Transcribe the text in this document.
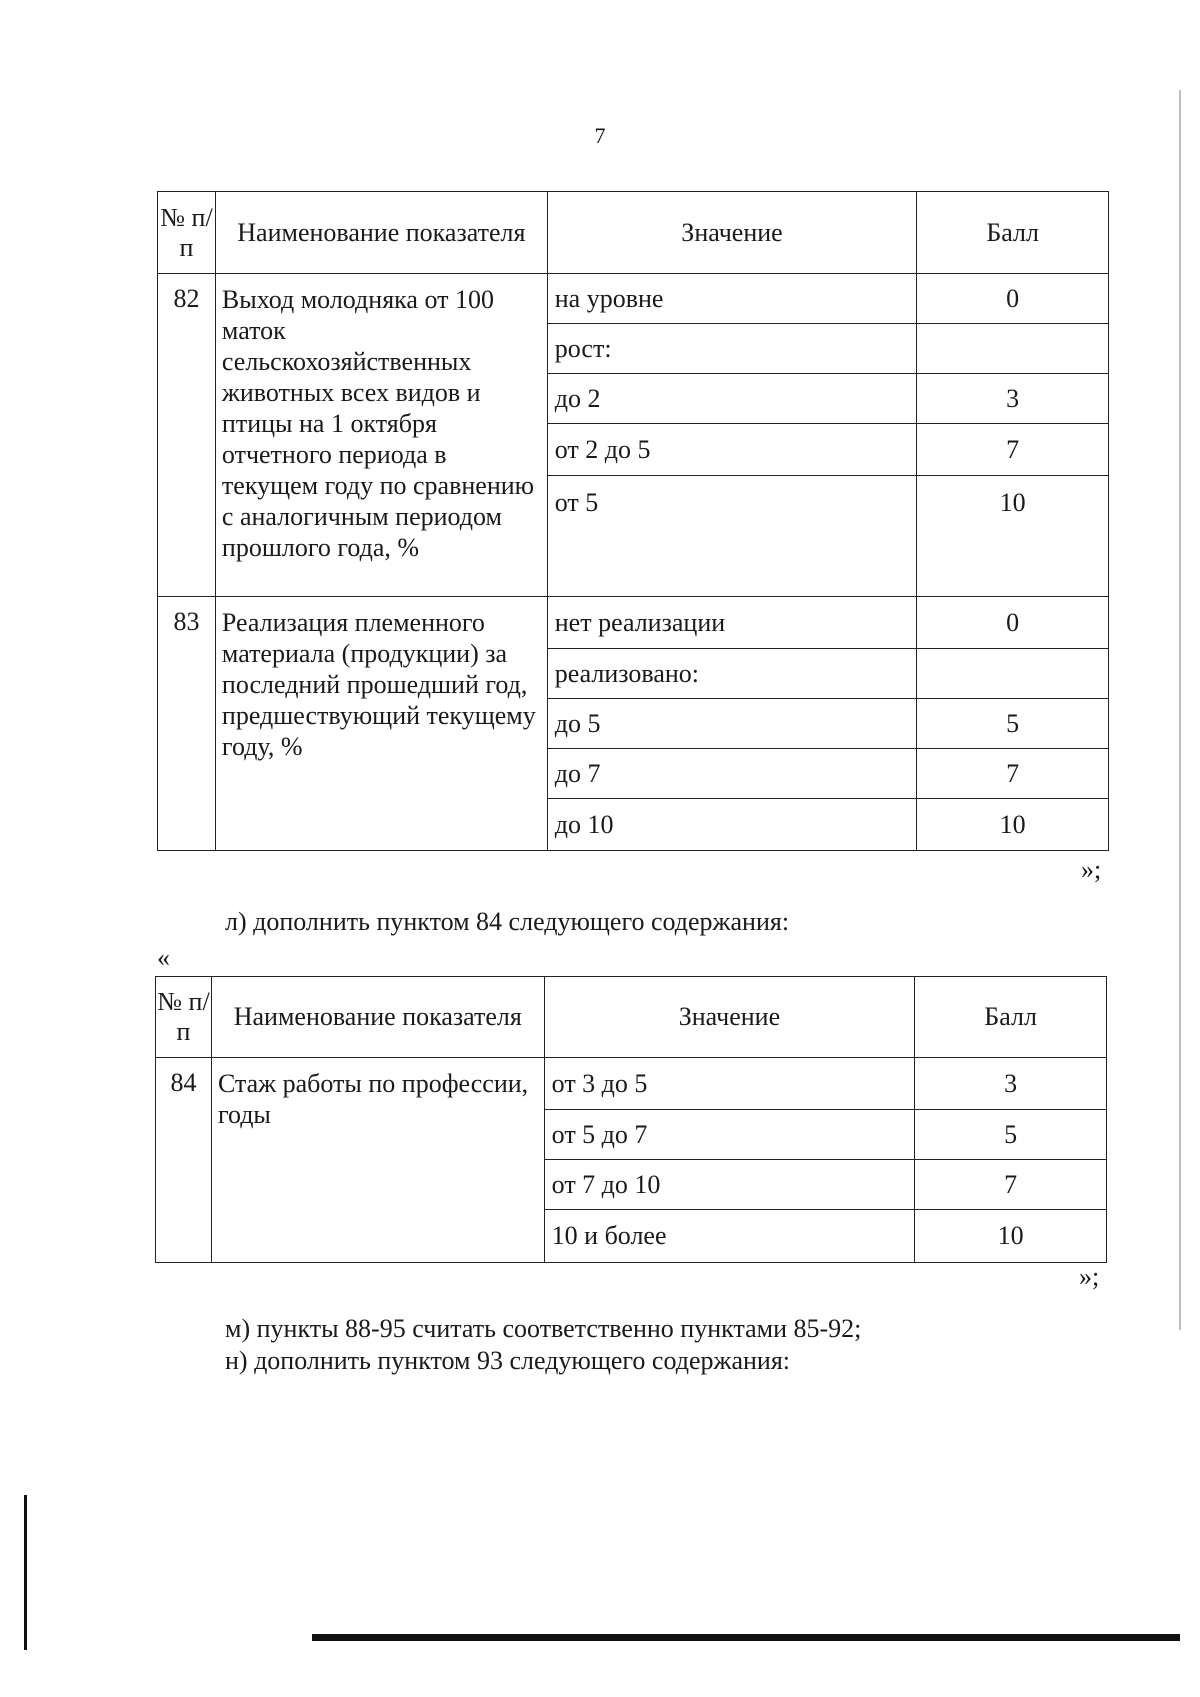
7
№ п/п	Наименование показателя	Значение	Балл
82	Выход молодняка от 100 маток сельскохозяйственных животных всех видов и птицы на 1 октября отчетного периода в текущем году по сравнению с аналогичным периодом прошлого года, %	на уровне	0
		рост:	
		до 2	3
		от 2 до 5	7
		от 5	10
83	Реализация племенного материала (продукции) за последний прошедший год, предшествующий текущему году, %	нет реализации	0
		реализовано:	
		до 5	5
		до 7	7
		до 10	10
»;
л) дополнить пунктом 84 следующего содержания:
«
№ п/п	Наименование показателя	Значение	Балл
84	Стаж работы по профессии, годы	от 3 до 5	3
		от 5 до 7	5
		от 7 до 10	7
		10 и более	10
»;
м) пункты 88-95 считать соответственно пунктами 85-92;
н) дополнить пунктом 93 следующего содержания:
